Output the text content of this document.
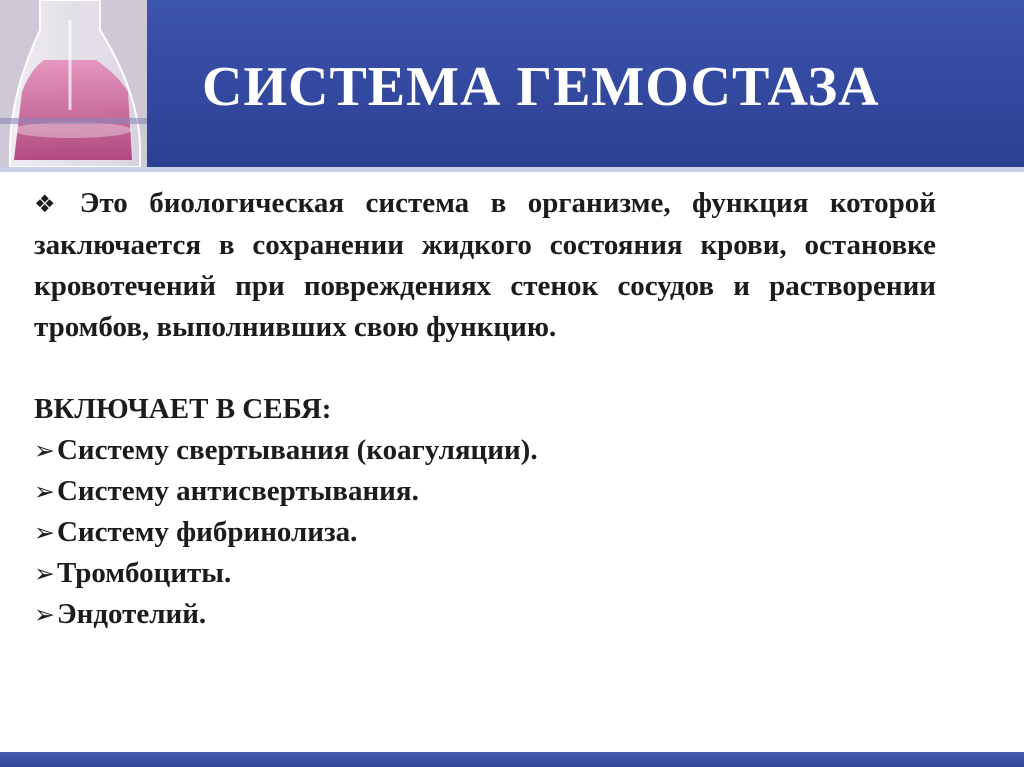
СИСТЕМА ГЕМОСТАЗА

❖ Это биологическая система в организме, функция которой заключается в сохранении жидкого состояния крови, остановке кровотечений при повреждениях стенок сосудов и растворении тромбов, выполнивших свою функцию.

ВКЛЮЧАЕТ В СЕБЯ:

➢Систему свертывания (коагуляции).
➢Систему антисвертывания.
➢Систему фибринолиза.
➢Тромбоциты.
➢Эндотелий.
